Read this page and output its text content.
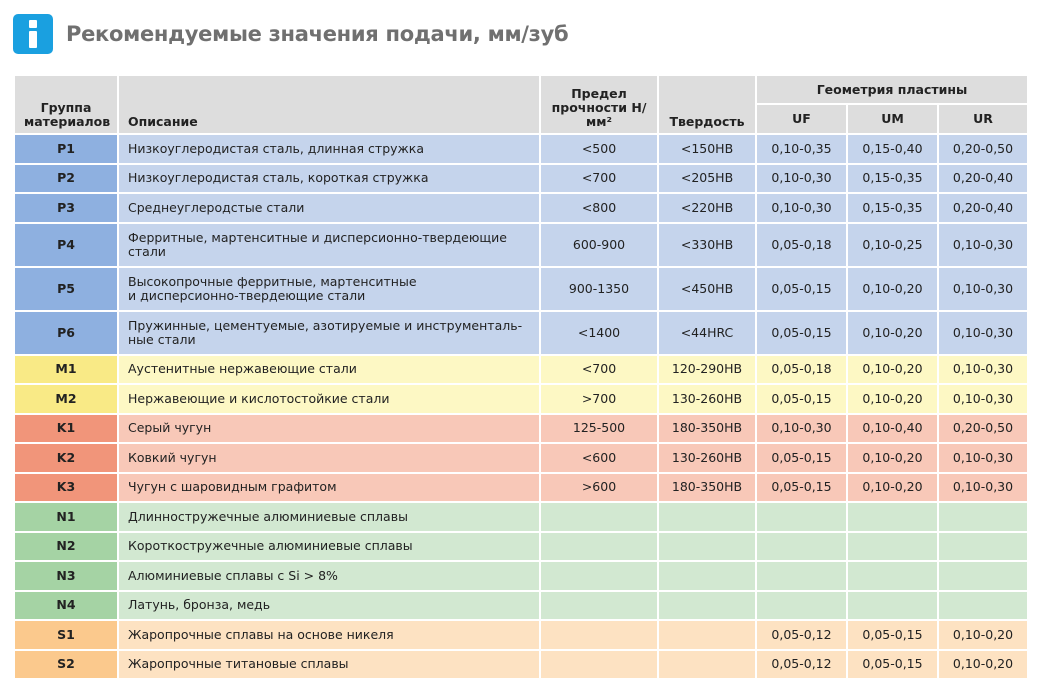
Рекомендуемые значения подачи, мм/зуб
Группа материалов	Описание	Предел прочности Н/мм²	Твердость	Геометрия пластины		
				UF	UM	UR
P1	Низкоуглеродистая сталь, длинная стружка	<500	<150HB	0,10-0,35	0,15-0,40	0,20-0,50
P2	Низкоуглеродистая сталь, короткая стружка	<700	<205HB	0,10-0,30	0,15-0,35	0,20-0,40
P3	Среднеуглеродстые стали	<800	<220HB	0,10-0,30	0,15-0,35	0,20-0,40
P4	Ферритные, мартенситные и дисперсионно-твердеющие
стали	600-900	<330HB	0,05-0,18	0,10-0,25	0,10-0,30
P5	Высокопрочные ферритные, мартенситные
и дисперсионно-твердеющие стали	900-1350	<450HB	0,05-0,15	0,10-0,20	0,10-0,30
P6	Пружинные, цементуемые, азотируемые и инструменталь-
ные стали	<1400	<44HRC	0,05-0,15	0,10-0,20	0,10-0,30
M1	Аустенитные нержавеющие стали	<700	120-290HB	0,05-0,18	0,10-0,20	0,10-0,30
M2	Нержавеющие и кислотостойкие стали	>700	130-260HB	0,05-0,15	0,10-0,20	0,10-0,30
K1	Серый чугун	125-500	180-350HB	0,10-0,30	0,10-0,40	0,20-0,50
K2	Ковкий чугун	<600	130-260HB	0,05-0,15	0,10-0,20	0,10-0,30
K3	Чугун с шаровидным графитом	>600	180-350HB	0,05-0,15	0,10-0,20	0,10-0,30
N1	Длинностружечные алюминиевые сплавы					
N2	Короткостружечные алюминиевые сплавы					
N3	Алюминиевые сплавы с Si > 8%					
N4	Латунь, бронза, медь					
S1	Жаропрочные сплавы на основе никеля			0,05-0,12	0,05-0,15	0,10-0,20
S2	Жаропрочные титановые сплавы			0,05-0,12	0,05-0,15	0,10-0,20
